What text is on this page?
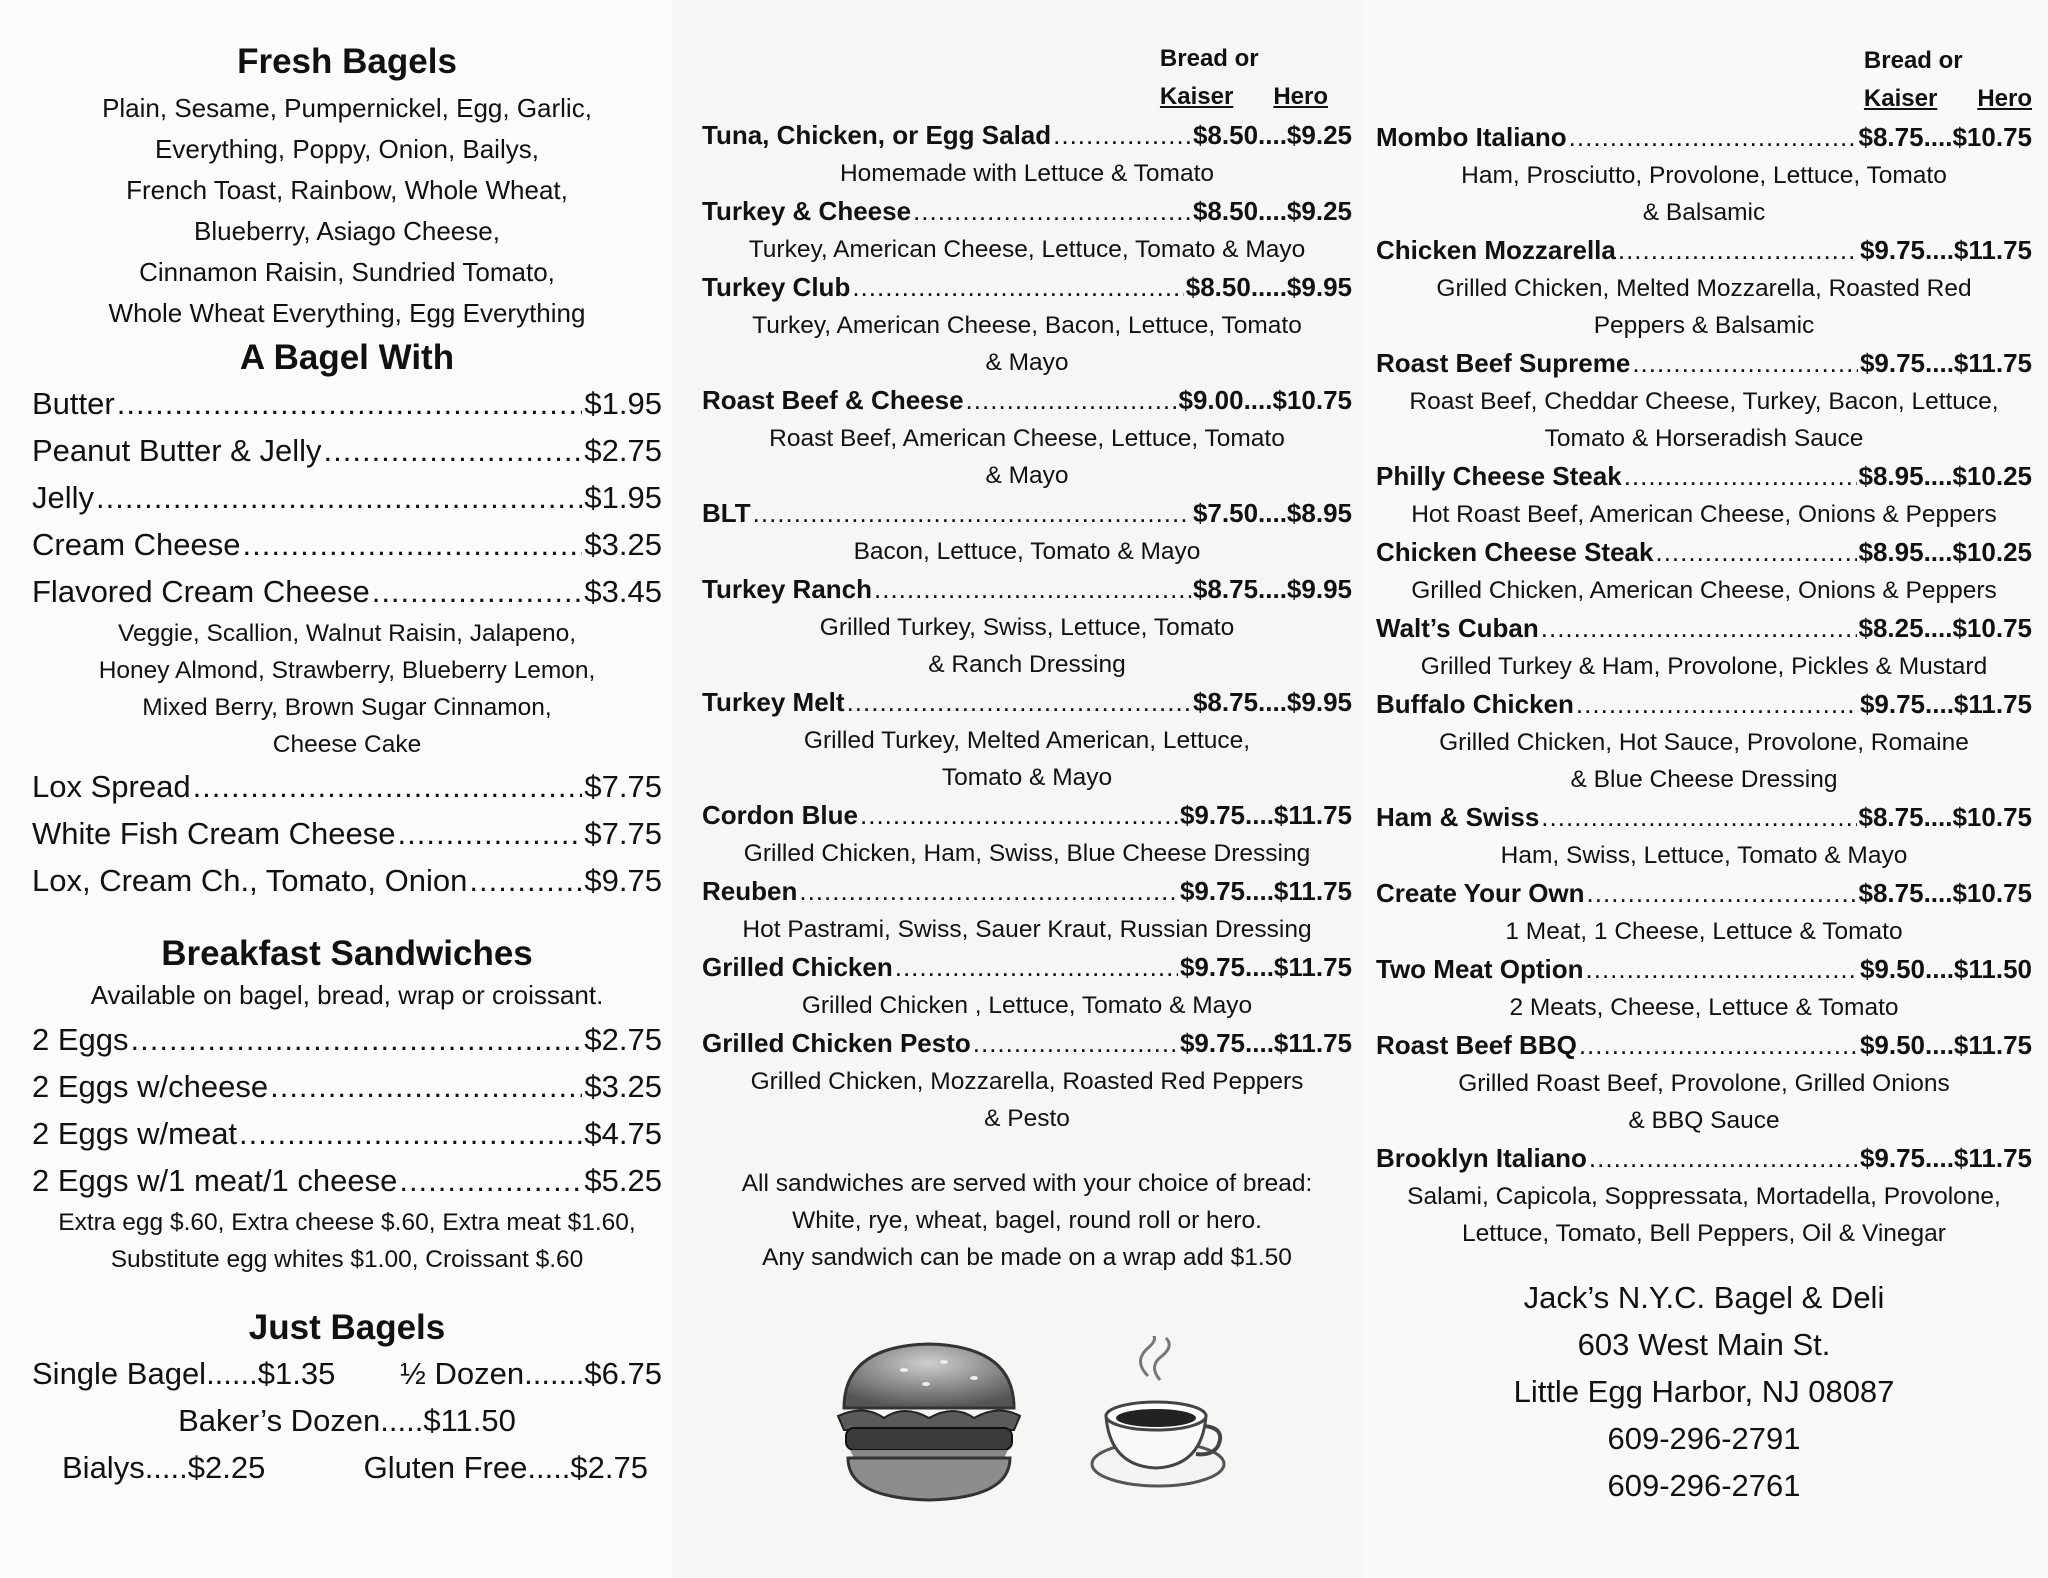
Fresh Bagels

Plain, Sesame, Pumpernickel, Egg, Garlic,

Everything, Poppy, Onion, Bailys,

French Toast, Rainbow, Whole Wheat,

Blueberry, Asiago Cheese,

Cinnamon Raisin, Sundried Tomato,

Whole Wheat Everything, Egg Everything

A Bagel With
Butter .....	$1.95
Peanut Butter & Jelly .....	$2.75
Jelly .....	$1.95
Cream Cheese .....	$3.25
Flavored Cream Cheese .....	$3.45

Veggie, Scallion, Walnut Raisin, Jalapeno,

Honey Almond, Strawberry, Blueberry Lemon,

Mixed Berry, Brown Sugar Cinnamon,

Cheese Cake

Lox Spread .....	$7.75
White Fish Cream Cheese .....	$7.75
Lox, Cream Ch., Tomato, Onion .....	$9.75
Breakfast Sandwiches

Available on bagel, bread, wrap or croissant.

2 Eggs .....	$2.75
2 Eggs w/cheese .....	$3.25
2 Eggs w/meat .....	$4.75
2 Eggs w/1 meat/1 cheese .....	$5.25

Extra egg $.60, Extra cheese $.60, Extra meat $1.60,

Substitute egg whites $1.00, Croissant $.60

Just Bagels
Single Bagel......$1.35 ½ Dozen.......$6.75
Baker’s Dozen.....$11.50
Bialys.....$2.25	Gluten Free.....$2.75
Bread or
Kaiser Hero
Tuna, Chicken, or Egg Salad .....	$8.50....$9.25
Homemade with Lettuce & Tomato
Turkey & Cheese .....	$8.50....$9.25
Turkey, American Cheese, Lettuce, Tomato & Mayo
Turkey Club .....	$8.50.....$9.95
Turkey, American Cheese, Bacon, Lettuce, Tomato
& Mayo
Roast Beef & Cheese .....	$9.00....$10.75
Roast Beef, American Cheese, Lettuce, Tomato
& Mayo
BLT .....	$7.50....$8.95
Bacon, Lettuce, Tomato & Mayo
Turkey Ranch .....	$8.75....$9.95
Grilled Turkey, Swiss, Lettuce, Tomato
& Ranch Dressing
Turkey Melt .....	$8.75....$9.95
Grilled Turkey, Melted American, Lettuce,
Tomato & Mayo
Cordon Blue .....	$9.75....$11.75
Grilled Chicken, Ham, Swiss, Blue Cheese Dressing
Reuben .....	$9.75....$11.75
Hot Pastrami, Swiss, Sauer Kraut, Russian Dressing
Grilled Chicken .....	$9.75....$11.75
Grilled Chicken , Lettuce, Tomato & Mayo
Grilled Chicken Pesto .....	$9.75....$11.75
Grilled Chicken, Mozzarella, Roasted Red Peppers
& Pesto
All sandwiches are served with your choice of bread:
White, rye, wheat, bagel, round roll or hero.
Any sandwich can be made on a wrap add $1.50
Bread or
Kaiser Hero
Mombo Italiano .....	$8.75....$10.75
Ham, Prosciutto, Provolone, Lettuce, Tomato
& Balsamic
Chicken Mozzarella .....	$9.75....$11.75
Grilled Chicken, Melted Mozzarella, Roasted Red
Peppers & Balsamic
Roast Beef Supreme .....	$9.75....$11.75
Roast Beef, Cheddar Cheese, Turkey, Bacon, Lettuce,
Tomato & Horseradish Sauce
Philly Cheese Steak .....	$8.95....$10.25
Hot Roast Beef, American Cheese, Onions & Peppers
Chicken Cheese Steak .....	$8.95....$10.25
Grilled Chicken, American Cheese, Onions & Peppers
Walt’s Cuban .....	$8.25....$10.75
Grilled Turkey & Ham, Provolone, Pickles & Mustard
Buffalo Chicken .....	$9.75....$11.75
Grilled Chicken, Hot Sauce, Provolone, Romaine
& Blue Cheese Dressing
Ham & Swiss .....	$8.75....$10.75
Ham, Swiss, Lettuce, Tomato & Mayo
Create Your Own .....	$8.75....$10.75
1 Meat, 1 Cheese, Lettuce & Tomato
Two Meat Option .....	$9.50....$11.50
2 Meats, Cheese, Lettuce & Tomato
Roast Beef BBQ .....	$9.50....$11.75
Grilled Roast Beef, Provolone, Grilled Onions
& BBQ Sauce
Brooklyn Italiano .....	$9.75....$11.75
Salami, Capicola, Soppressata, Mortadella, Provolone,
Lettuce, Tomato, Bell Peppers, Oil & Vinegar
Jack’s N.Y.C. Bagel & Deli
603 West Main St.
Little Egg Harbor, NJ 08087
609-296-2791
609-296-2761
